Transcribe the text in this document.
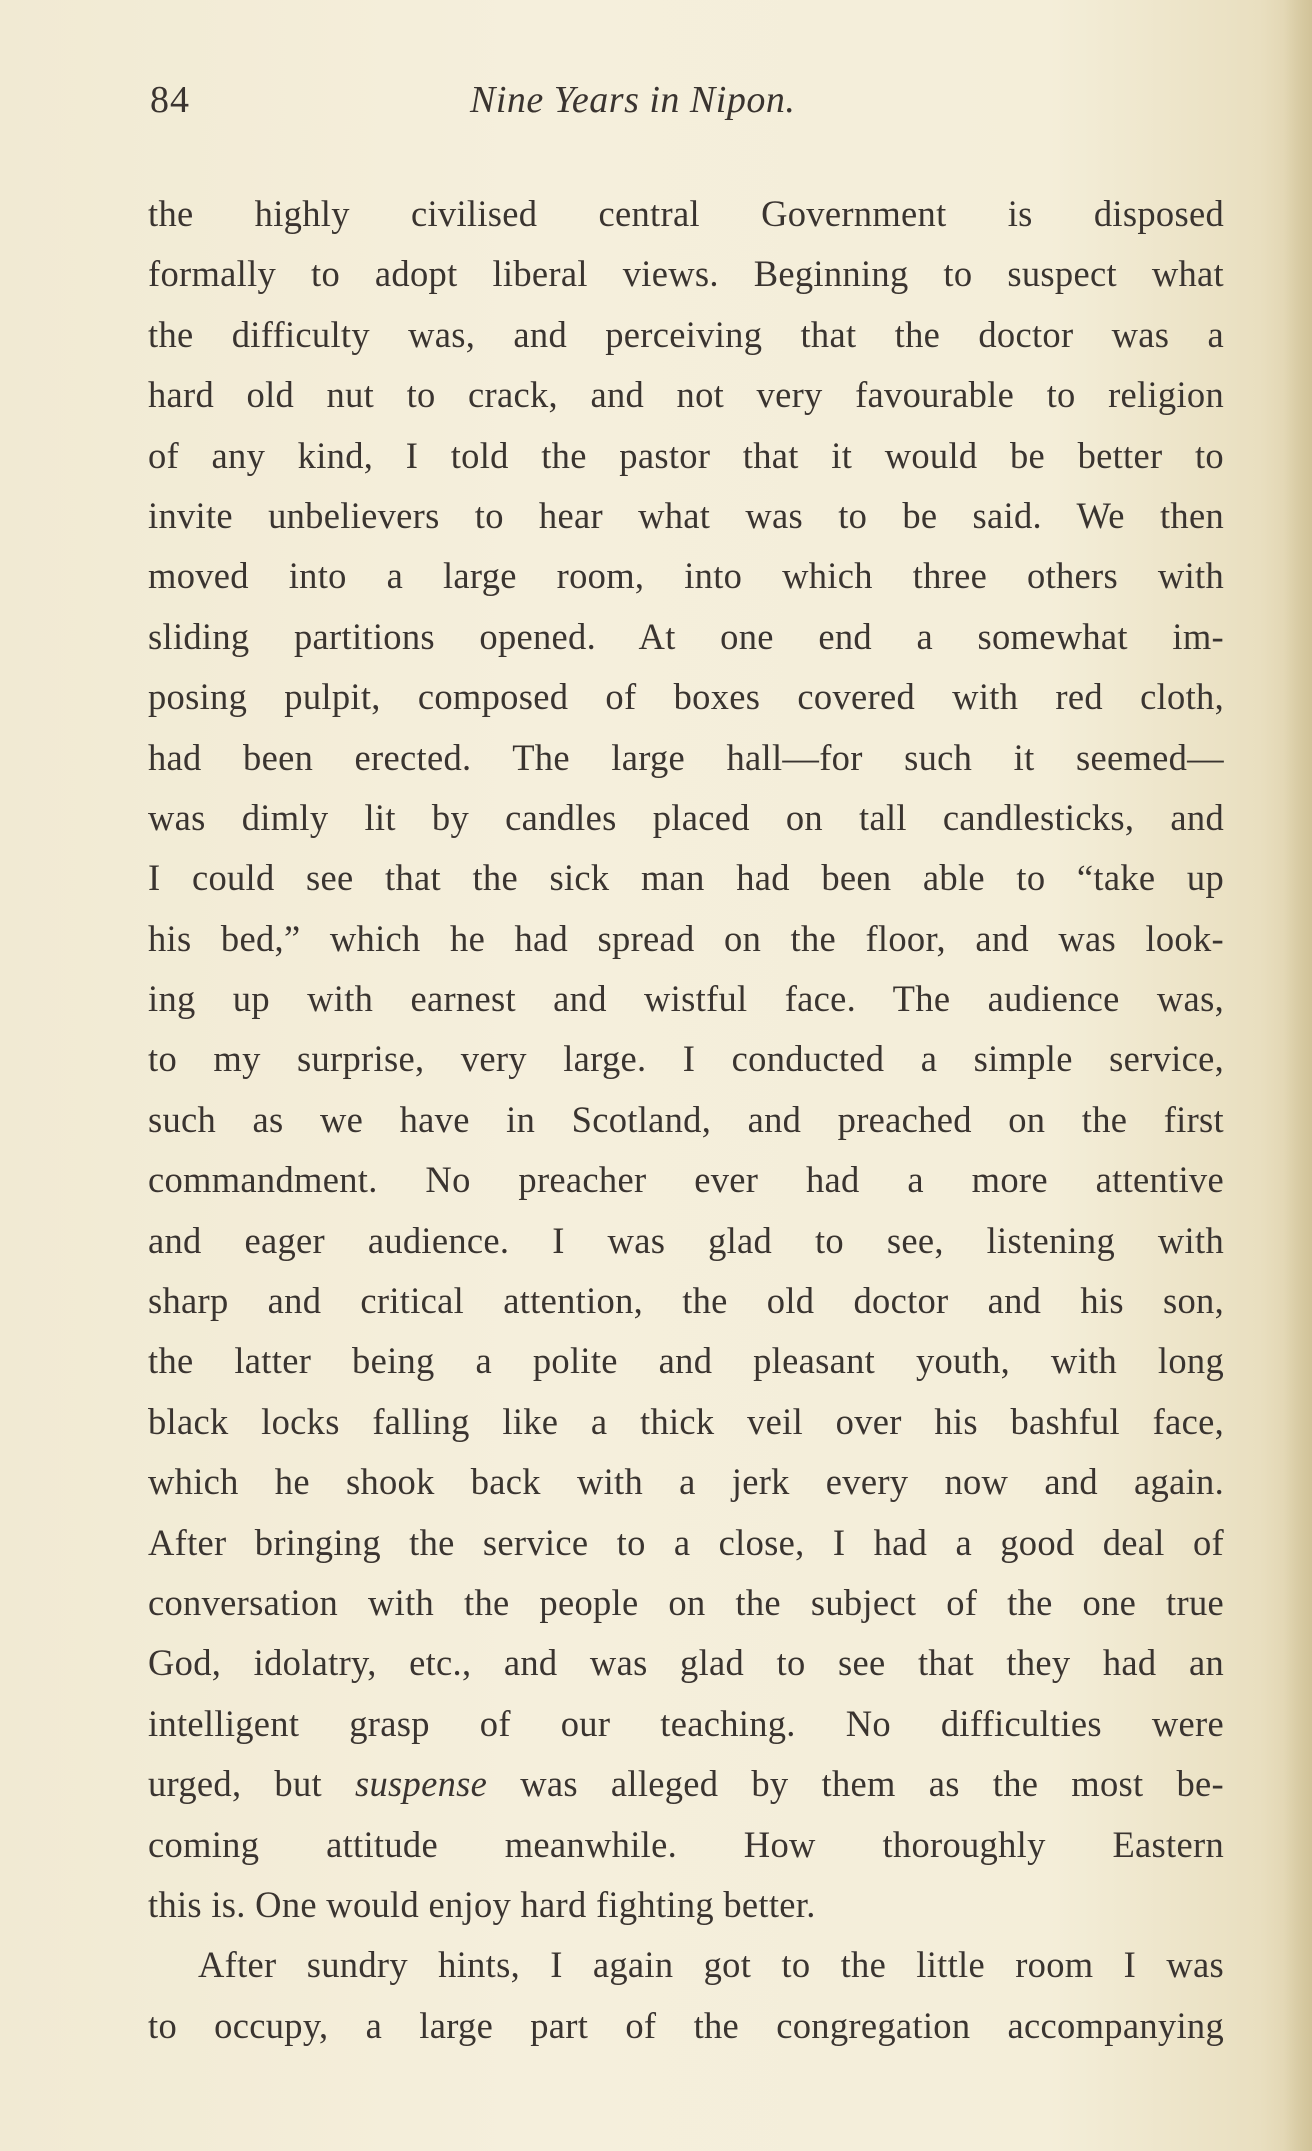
84	Nine Years in Nipon.
the highly civilised central Government is disposed
formally to adopt liberal views. Beginning to suspect what
the difficulty was, and perceiving that the doctor was a
hard old nut to crack, and not very favourable to religion
of any kind, I told the pastor that it would be better to
invite unbelievers to hear what was to be said. We then
moved into a large room, into which three others with
sliding partitions opened. At one end a somewhat im-
posing pulpit, composed of boxes covered with red cloth,
had been erected. The large hall—for such it seemed—
was dimly lit by candles placed on tall candlesticks, and
I could see that the sick man had been able to “take up
his bed,” which he had spread on the floor, and was look-
ing up with earnest and wistful face. The audience was,
to my surprise, very large. I conducted a simple service,
such as we have in Scotland, and preached on the first
commandment. No preacher ever had a more attentive
and eager audience. I was glad to see, listening with
sharp and critical attention, the old doctor and his son,
the latter being a polite and pleasant youth, with long
black locks falling like a thick veil over his bashful face,
which he shook back with a jerk every now and again.
After bringing the service to a close, I had a good deal of
conversation with the people on the subject of the one true
God, idolatry, etc., and was glad to see that they had an
intelligent grasp of our teaching. No difficulties were
urged, but suspense was alleged by them as the most be-
coming attitude meanwhile. How thoroughly Eastern
this is. One would enjoy hard fighting better.
After sundry hints, I again got to the little room I was
to occupy, a large part of the congregation accompanying
